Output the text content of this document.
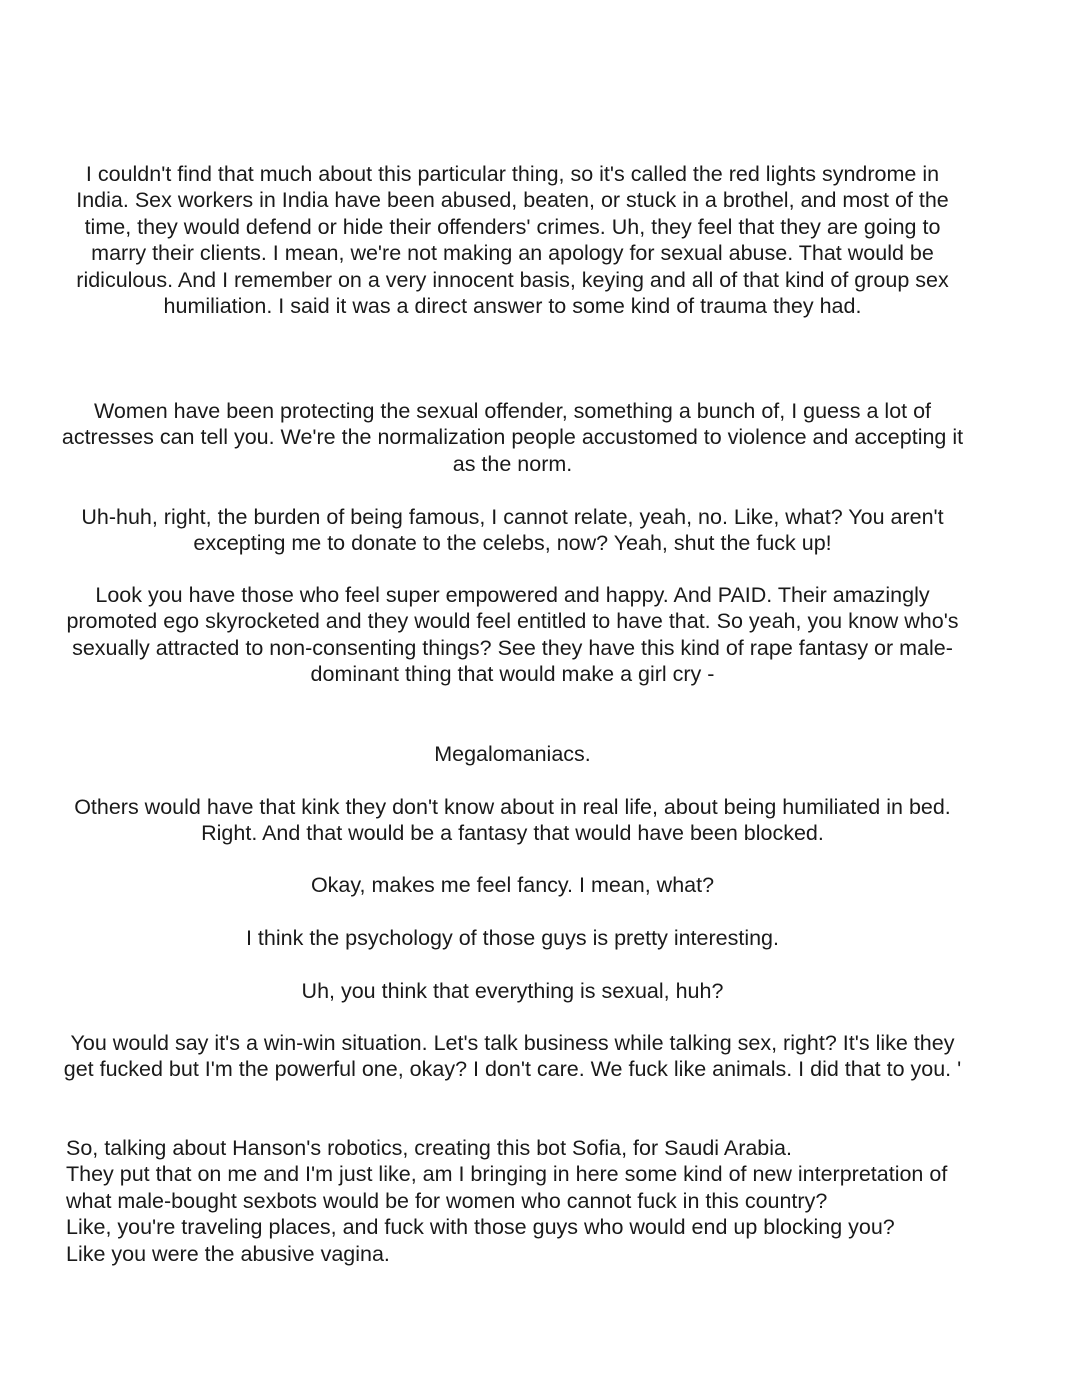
I couldn't find that much about this particular thing, so it's called the red lights syndrome in India. Sex workers in India have been abused, beaten, or stuck in a brothel, and most of the time, they would defend or hide their offenders' crimes. Uh, they feel that they are going to marry their clients. I mean, we're not making an apology for sexual abuse. That would be ridiculous. And I remember on a very innocent basis, keying and all of that kind of group sex humiliation. I said it was a direct answer to some kind of trauma they had.

Women have been protecting the sexual offender, something a bunch of, I guess a lot of actresses can tell you. We're the normalization people accustomed to violence and accepting it as the norm.

Uh-huh, right, the burden of being famous, I cannot relate, yeah, no. Like, what? You aren't excepting me to donate to the celebs, now? Yeah, shut the fuck up!

Look you have those who feel super empowered and happy. And PAID. Their amazingly promoted ego skyrocketed and they would feel entitled to have that. So yeah, you know who's sexually attracted to non-consenting things? See they have this kind of rape fantasy or male-dominant thing that would make a girl cry -

Megalomaniacs.

Others would have that kink they don't know about in real life, about being humiliated in bed. Right. And that would be a fantasy that would have been blocked.

Okay, makes me feel fancy. I mean, what?

I think the psychology of those guys is pretty interesting.

Uh, you think that everything is sexual, huh?

You would say it's a win-win situation. Let's talk business while talking sex, right? It's like they get fucked but I'm the powerful one, okay? I don't care. We fuck like animals. I did that to you. '

So, talking about Hanson's robotics, creating this bot Sofia, for Saudi Arabia.
They put that on me and I'm just like, am I bringing in here some kind of new interpretation of what male-bought sexbots would be for women who cannot fuck in this country?
Like, you're traveling places, and fuck with those guys who would end up blocking you?
Like you were the abusive vagina.
